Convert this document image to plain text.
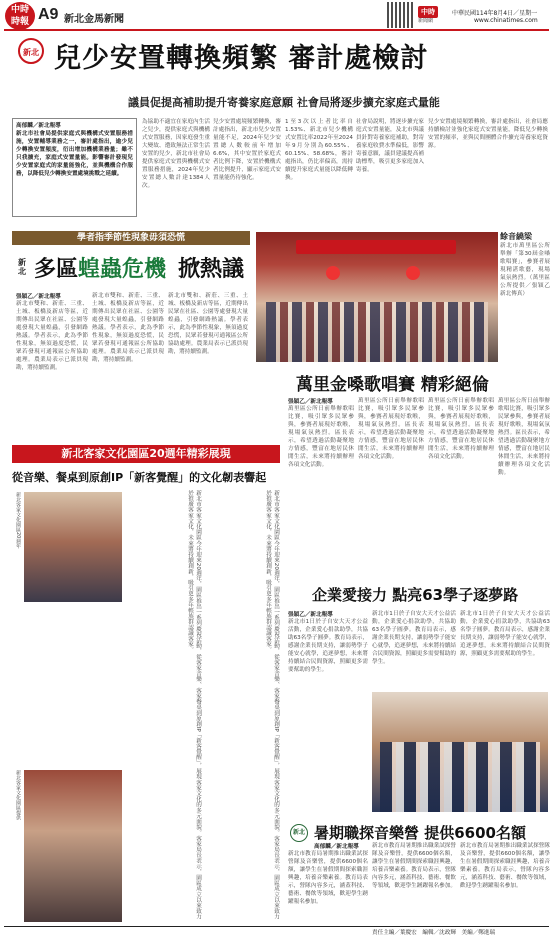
中時
時報 A9 新北金馬新聞
中時
新聞網
中華民國114年8月4日／星期一
www.chinatimes.com
新北 兒少安置轉換頻繁 審計處檢討
議員促提高補助提升寄養家庭意願 社會局將逐步擴充家庭式量能
高郁麟／新北報導
新北市社會局提供家庭式與機構式安置服務措施，安置輔導業務之一，審計處指出，逾少兒少轉換安置頻度，衍出增加機構業務量；雖不只我擴充，家庭式安置量能。影響審計發現兒少安置家庭式的家量能強化，並與機構合作服務，以降低兒少轉換安置處境挑戰之延續。
為協助不適宜在家庭內生活之兒少，提供家庭式與機構式安置服務，因家庭發生重大變故、遭致無法正常生活安置的兒少，新北市社會局提供家庭式安置與機構式安置服務措施，2024年兒少安置總人數計達1384人次。
兒少安置處境頻繁轉換，審計處指出，新北市兒少安置量能不足，2024年兒少安置總人數較前年增加6.6%，其中安置於家庭式者比例下降，安置於機構式者比例提升，顯示家庭式安置量能仍待強化。
1至3次以上者比率自1.53%、新北市兒少機構式安置比率2022年至2024年9月分別為60.55%、60.15%、58.68%，審計處指出，仍比率偏高，需持續提升家庭式量能以降低轉換。
社會局說明，將逐步擴充家庭式安置量能，及北市與議員針對寄養家庭補助，對寄養家庭收費水準偏低，影響寄養意願，議員建議提高補助標準，吸引更多家庭加入寄養。
兒少安置處境頻繁轉換，審計處指出，社會局應持續檢討並強化家庭式安置量能，降低兒少轉換安置的頻率，並與民間團體合作擴充寄養家庭資源。
學者指季節性現象毋須恐慌
新北 多區蝗蟲危機 掀熱議
張穎乙／新北報導
新北市雙和、新莊、三重、土城、板橋及新店等區，近期傳出民眾在社區、公園等處發現大量蝗蟲，引發網路熱議。學者表示，此為季節性現象，無須過度恐慌，民眾若發現可通報區公所協助處理。農業局表示已派員現勘，將持續監測。
新北市雙和、新莊、三重、土城、板橋及新店等區，近期傳出民眾在社區、公園等處發現大量蝗蟲，引發網路熱議。學者表示，此為季節性現象，無須過度恐慌，民眾若發現可通報區公所協助處理。農業局表示已派員現勘，將持續監測。
新北市雙和、新莊、三重、土城、板橋及新店等區，近期傳出民眾在社區、公園等處發現大量蝗蟲，引發網路熱議。學者表示，此為季節性現象，無須過度恐慌，民眾若發現可通報區公所協助處理。農業局表示已派員現勘，將持續監測。
餘音繞梁
新北市萬里區公所舉辦「第30屆金嗓歌唱賽」，參賽者展現精湛歌藝，現場氣氛熱烈。（萬里區公所提供／張穎乙新北傳真）
萬里金嗓歌唱賽 精彩絕倫
張穎乙／新北報導
萬里區公所日前舉辦歌唱比賽，吸引眾多民眾參與，參賽者展現好歌喉，現場氣氛熱烈。區長表示，希望透過活動凝聚地方情感，豐富在地居民休閒生活，未來將持續辦理各項文化活動。
萬里區公所日前舉辦歌唱比賽，吸引眾多民眾參與，參賽者展現好歌喉，現場氣氛熱烈。區長表示，希望透過活動凝聚地方情感，豐富在地居民休閒生活，未來將持續辦理各項文化活動。
萬里區公所日前舉辦歌唱比賽，吸引眾多民眾參與，參賽者展現好歌喉，現場氣氛熱烈。區長表示，希望透過活動凝聚地方情感，豐富在地居民休閒生活，未來將持續辦理各項文化活動。
萬里區公所日前舉辦歌唱比賽，吸引眾多民眾參與，參賽者展現好歌喉，現場氣氛熱烈。區長表示，希望透過活動凝聚地方情感，豐富在地居民休閒生活，未來將持續辦理各項文化活動。
新北客家文化園區20週年精彩展現
從音樂、餐桌到原創IP「新客覺醒」的文化韌表響起
新北客家文化園區20週年
新北客家文化園區提供	新北市客家文化園區今年迎來20週年，園區推出一系列慶祝活動，從客家音樂、客家餐桌到原創IP「新客覺醒」，展現客家文化的多元面貌。客家局長表示，園區成立以來致力於推廣客家文化，未來將持續創新，吸引更多年輕族群認識客家。	新北市客家文化園區今年迎來20週年，園區推出一系列慶祝活動，從客家音樂、客家餐桌到原創IP「新客覺醒」，展現客家文化的多元面貌。客家局長表示，園區成立以來致力於推廣客家文化，未來將持續創新，吸引更多年輕族群認識客家。	企業愛接力 點亮63學子逐夢路
張穎乙／新北報導
新北市1日於子自安大天才公益活動，企業愛心捐款助學，共協助63名學子圓夢。教育局表示，感謝企業長期支持，讓弱勢學子能安心就學，追逐夢想，未來將持續結合民間資源，照顧更多需要幫助的學生。
新北市1日於子自安大天才公益活動，企業愛心捐款助學，共協助63名學子圓夢。教育局表示，感謝企業長期支持，讓弱勢學子能安心就學，追逐夢想，未來將持續結合民間資源，照顧更多需要幫助的學生。
新北市1日於子自安大天才公益活動，企業愛心捐款助學，共協助63名學子圓夢。教育局表示，感謝企業長期支持，讓弱勢學子能安心就學，追逐夢想，未來將持續結合民間資源，照顧更多需要幫助的學生。
新北 暑期職探音樂營 提供6600名額
高郁麟／新北報導
新北市教育局暑期推出職業試探營隊及音樂營，提供6600個名額，讓學生在暑假期間探索職涯興趣，培養音樂素養。教育局表示，營隊內容多元，涵蓋科技、藝術、餐飲等領域，歡迎學生踴躍報名參加。
新北市教育局暑期推出職業試探營隊及音樂營，提供6600個名額，讓學生在暑假期間探索職涯興趣，培養音樂素養。教育局表示，營隊內容多元，涵蓋科技、藝術、餐飲等領域，歡迎學生踴躍報名參加。
新北市教育局暑期推出職業試探營隊及音樂營，提供6600個名額，讓學生在暑假期間探索職涯興趣，培養音樂素養。教育局表示，營隊內容多元，涵蓋科技、藝術、餐飲等領域，歡迎學生踴躍報名參加。
責任主編／葉慶宏　編輯／沈政輝　美編／鄭進瑞
